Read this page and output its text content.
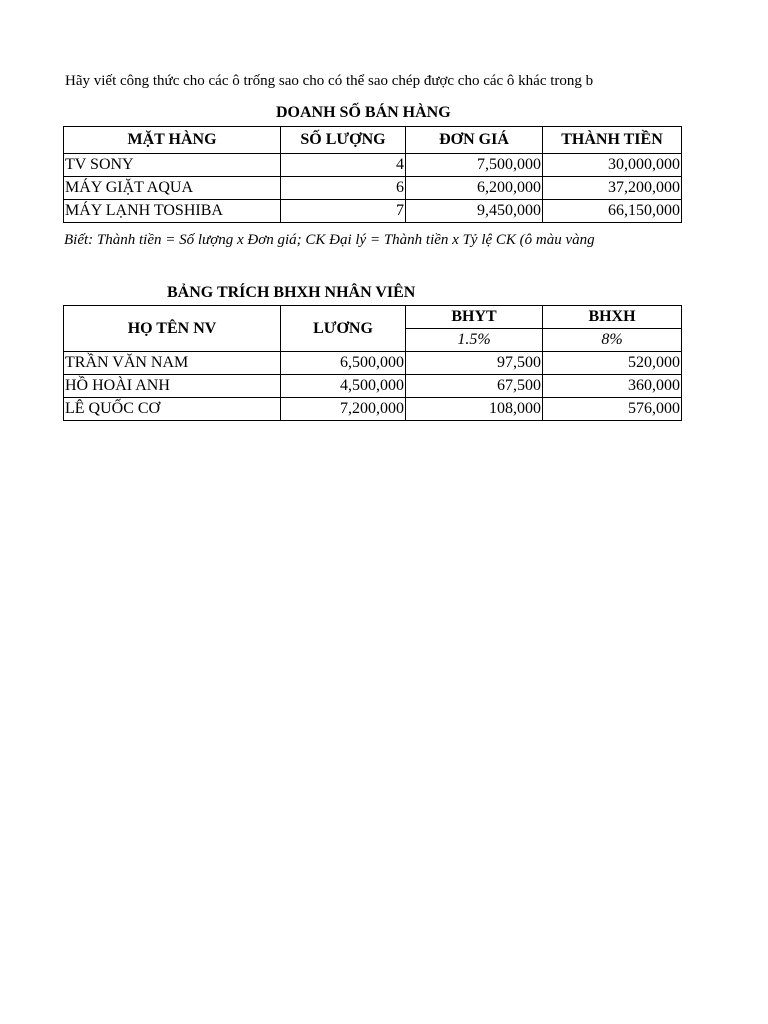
Hãy viết công thức cho các ô trống sao cho có thể sao chép được cho các ô khác trong b
DOANH SỐ BÁN HÀNG
MẶT HÀNG	SỐ LƯỢNG	ĐƠN GIÁ	THÀNH TIỀN
TV SONY	4	7,500,000	30,000,000
MÁY GIẶT AQUA	6	6,200,000	37,200,000
MÁY LẠNH TOSHIBA	7	9,450,000	66,150,000
Biết: Thành tiền = Số lượng x Đơn giá; CK Đại lý = Thành tiền x Tỷ lệ CK (ô màu vàng
BẢNG TRÍCH BHXH NHÂN VIÊN
HỌ TÊN NV	LƯƠNG	BHYT	BHXH
		1.5%	8%
TRẦN VĂN NAM	6,500,000	97,500	520,000
HỒ HOÀI ANH	4,500,000	67,500	360,000
LÊ QUỐC CƠ	7,200,000	108,000	576,000
